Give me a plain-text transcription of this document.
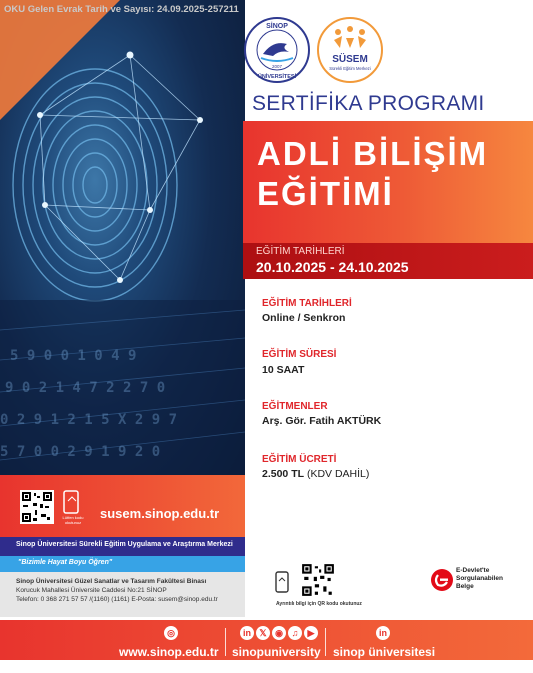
5 9 0 0 1 0 4 9
9 0 2 1 4 7 2 2 7 0
0 2 9 1 2 1 5 X 2 9 7
5 7 0 0 2 9 1 9 2 0
OKU Gelen Evrak Tarih ve Sayısı: 24.09.2025-257211
SİNOP
ÜNİVERSİTESİ
2007
SÜSEM
Sürekli Eğitim Merkezi
SERTİFİKA PROGRAMI
ADLİ BİLİŞİM
EĞİTİMİ
EĞİTİM TARİHLERİ
20.10.2025 - 24.10.2025
EĞİTİM TARİHLERİ
Online / Senkron
EĞİTİM SÜRESİ
10 SAAT
EĞİTMENLER
Arş. Gör. Fatih AKTÜRK
EĞİTİM ÜCRETİ
2.500 TL (KDV DAHİL)
Lütfen kodu
okutunuz
susem.sinop.edu.tr
Sinop Üniversitesi Sürekli Eğitim Uygulama ve Araştırma Merkezi
"Bizimle Hayat Boyu Öğren"
Sinop Üniversitesi Güzel Sanatlar ve Tasarım Fakültesi Binası
Korucuk Mahallesi Üniversite Caddesi No:21 SİNOP
Telefon: 0 368 271 57 57 /(1160) (1161) E-Posta: susem@sinop.edu.tr
Ayrıntılı bilgi için QR kodu okutunuz
E-Devlet'te
Sorgulanabilen
Belge
◎
www.sinop.edu.tr
in 𝕏 ◉ ♫	▶
sinopuniversity
in
sinop üniversitesi
